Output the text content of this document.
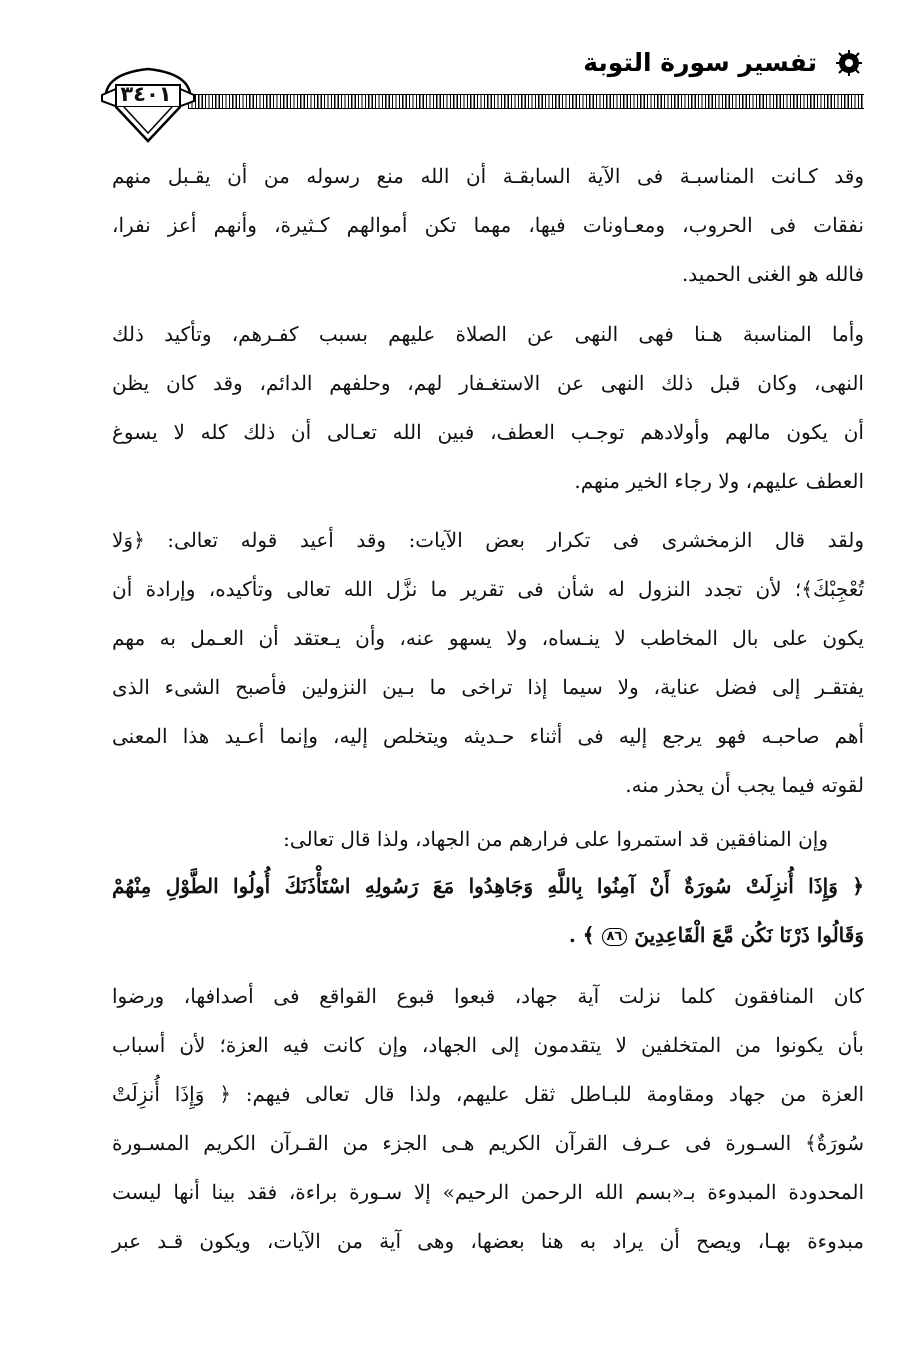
تفسير سورة التوبة
٣٤٠١
وقد كـانت المناسبـة فى الآية السابقـة أن الله منع رسوله من أن يقـبل منهم
نفقات فى الحروب، ومعـاونات فيها، مهما تكن أموالهم كـثيرة، وأنهم أعز نفرا،
فالله هو الغنى الحميد.
وأما المناسبة هـنا فهى النهى عن الصلاة عليهم بسبب كفـرهم، وتأكيد ذلك
النهى، وكان قبل ذلك النهى عن الاستغـفار لهم، وحلفهم الدائم، وقد كان يظن
أن يكون مالهم وأولادهم توجـب العطف، فبين الله تعـالى أن ذلك كله لا يسوغ
العطف عليهم، ولا رجاء الخير منهم.
ولقد قال الزمخشرى فى تكرار بعض الآيات: وقد أعيد قوله تعالى: ﴿وَلا
تُعْجِبْكَ﴾؛ لأن تجدد النزول له شأن فى تقرير ما نزَّل الله تعالى وتأكيده، وإرادة أن
يكون على بال المخاطب لا ينـساه، ولا يسهو عنه، وأن يـعتقد أن العـمل به مهم
يفتقـر إلى فضل عناية، ولا سيما إذا تراخى ما بـين النزولين فأصبح الشىء الذى
أهم صاحبـه فهو يرجع إليه فى أثناء حـديثه ويتخلص إليه، وإنما أعـيد هذا المعنى
لقوته فيما يجب أن يحذر منه.
وإن المنافقين قد استمروا على فرارهم من الجهاد، ولذا قال تعالى:
﴿ وَإِذَا أُنزِلَتْ سُورَةٌ أَنْ آمِنُوا بِاللَّهِ وَجَاهِدُوا مَعَ رَسُولِهِ اسْتَأْذَنَكَ أُولُوا الطَّوْلِ مِنْهُمْ
وَقَالُوا ذَرْنَا نَكُن مَّعَ الْقَاعِدِينَ ٨٦ ﴾ .
كان المنافقون كلما نزلت آية جهاد، قبعوا قبوع القواقع فى أصدافها، ورضوا
بأن يكونوا من المتخلفين لا يتقدمون إلى الجهاد، وإن كانت فيه العزة؛ لأن أسباب
العزة من جهاد ومقاومة للبـاطل ثقل عليهم، ولذا قال تعالى فيهم: ﴿ وَإِذَا أُنزِلَتْ
سُورَةٌ﴾ السـورة فى عـرف القرآن الكريم هـى الجزء من القـرآن الكريم المسـورة
المحدودة المبدوءة بـ«بسم الله الرحمن الرحيم» إلا سـورة براءة، فقد بينا أنها ليست
مبدوءة بهـا، ويصح أن يراد به هنا بعضها، وهى آية من الآيات، ويكون قـد عبر
